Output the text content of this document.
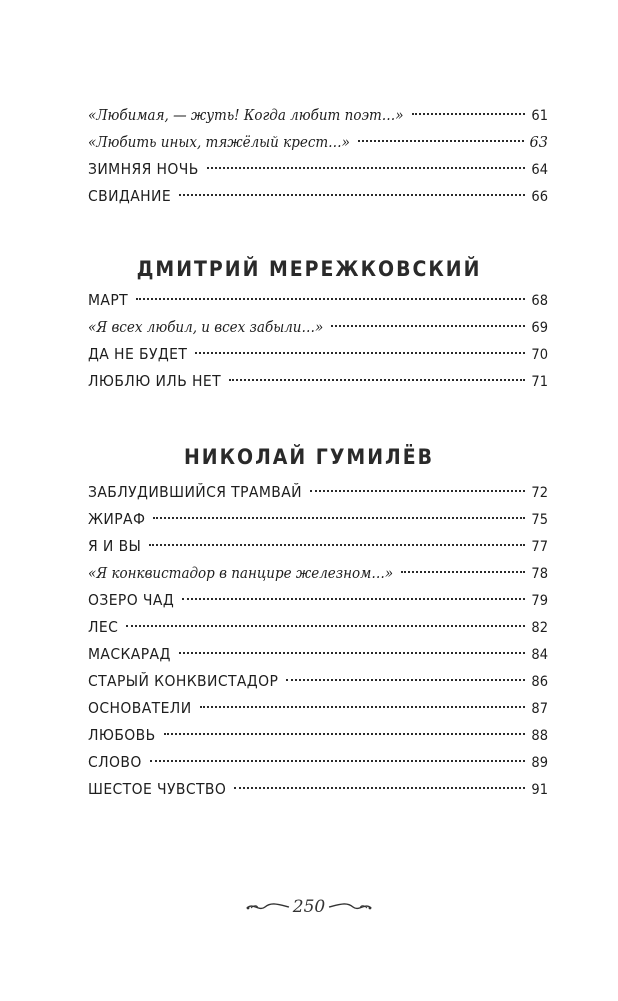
«Любимая, — жуть! Когда любит поэт…»	61
«Любить иных, тяжёлый крест…»	63
ЗИМНЯЯ НОЧЬ	64
СВИДАНИЕ	66
ДМИТРИЙ МЕРЕЖКОВСКИЙ
МАРТ	68
«Я всех любил, и всех забыли…»	69
ДА НЕ БУДЕТ	70
ЛЮБЛЮ ИЛЬ НЕТ	71
НИКОЛАЙ ГУМИЛЁВ
ЗАБЛУДИВШИЙСЯ ТРАМВАЙ	72
ЖИРАФ	75
Я И ВЫ	77
«Я конквистадор в панцире железном…»	78
ОЗЕРО ЧАД	79
ЛЕС	82
МАСКАРАД	84
СТАРЫЙ КОНКВИСТАДОР	86
ОСНОВАТЕЛИ	87
ЛЮБОВЬ	88
СЛОВО	89
ШЕСТОЕ ЧУВСТВО	91
250
